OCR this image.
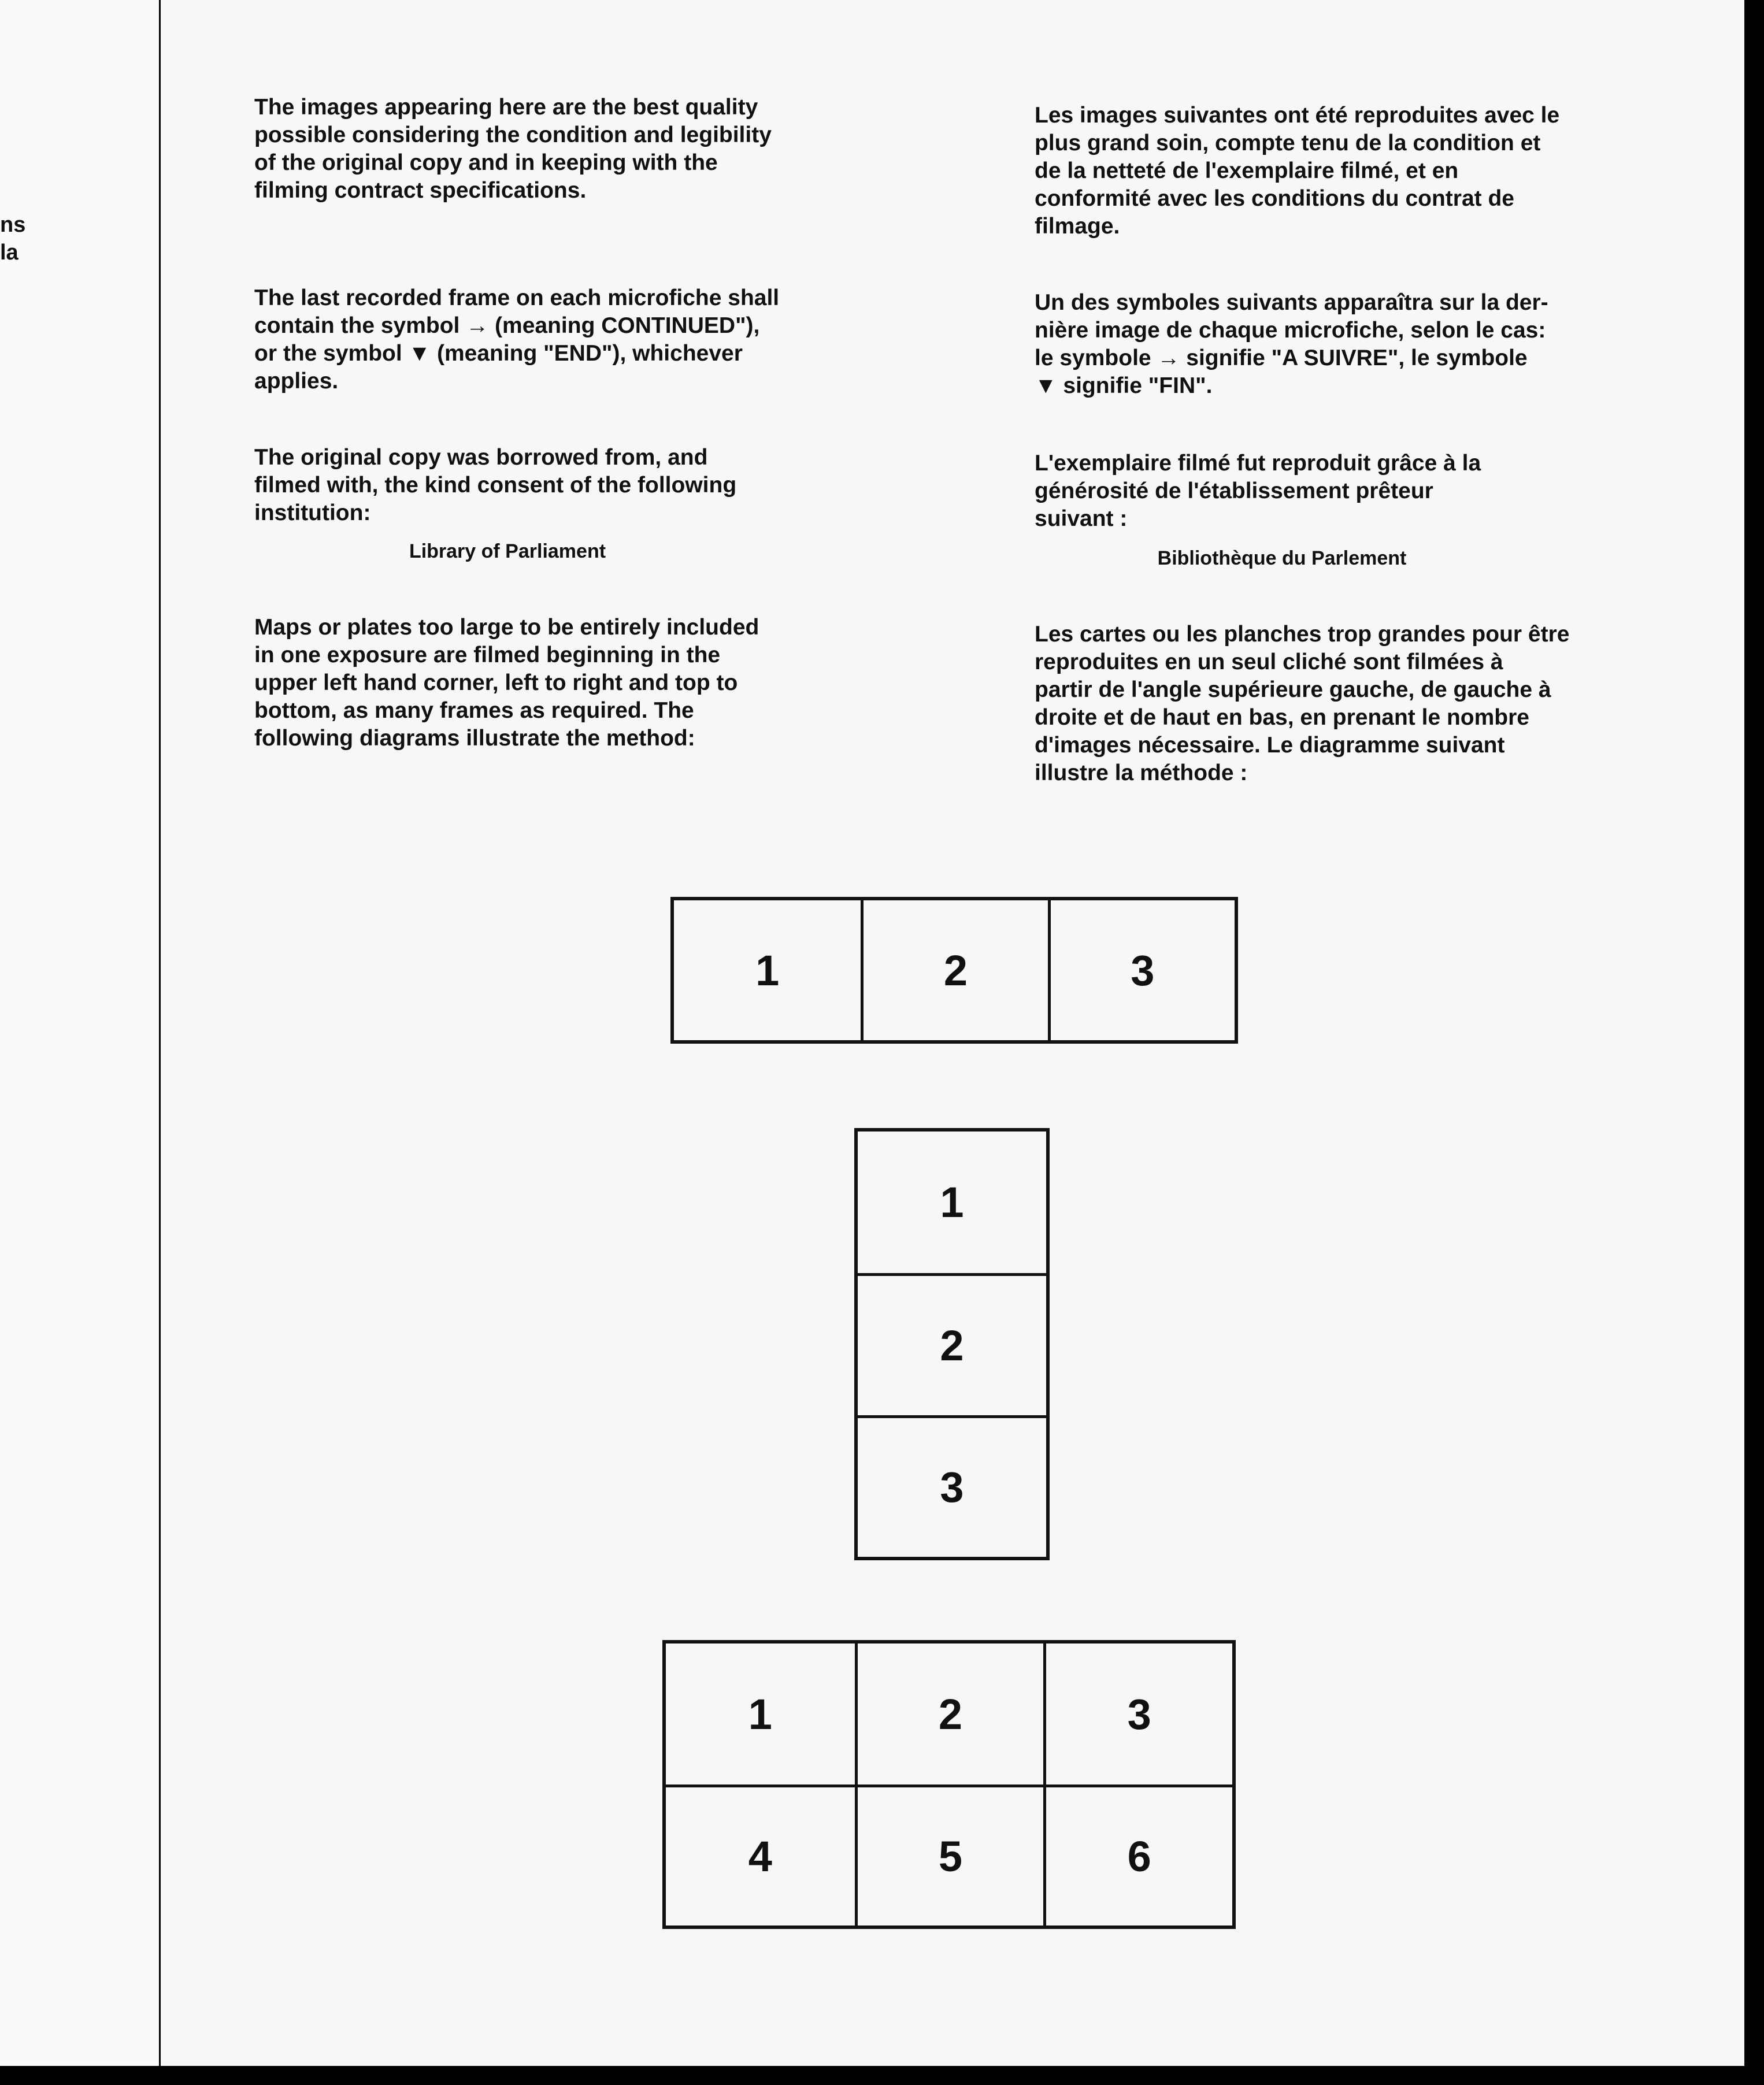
ns
la

The images appearing here are the best quality
possible considering the condition and legibility
of the original copy and in keeping with the
filming contract specifications.

The last recorded frame on each microfiche shall
contain the symbol → (meaning CONTINUED"),
or the symbol ▼ (meaning "END"), whichever
applies.

The original copy was borrowed from, and
filmed with, the kind consent of the following
institution:

Library of Parliament

Maps or plates too large to be entirely included
in one exposure are filmed beginning in the
upper left hand corner, left to right and top to
bottom, as many frames as required. The
following diagrams illustrate the method:

Les images suivantes ont été reproduites avec le
plus grand soin, compte tenu de la condition et
de la netteté de l'exemplaire filmé, et en
conformité avec les conditions du contrat de
filmage.

Un des symboles suivants apparaîtra sur la der-
nière image de chaque microfiche, selon le cas:
le symbole → signifie "A SUIVRE", le symbole
▼ signifie "FIN".

L'exemplaire filmé fut reproduit grâce à la
générosité de l'établissement prêteur
suivant :

Bibliothèque du Parlement

Les cartes ou les planches trop grandes pour être
reproduites en un seul cliché sont filmées à
partir de l'angle supérieure gauche, de gauche à
droite et de haut en bas, en prenant le nombre
d'images nécessaire. Le diagramme suivant
illustre la méthode :

1	2	3
1
2
3
1	2	3
4	5	6
